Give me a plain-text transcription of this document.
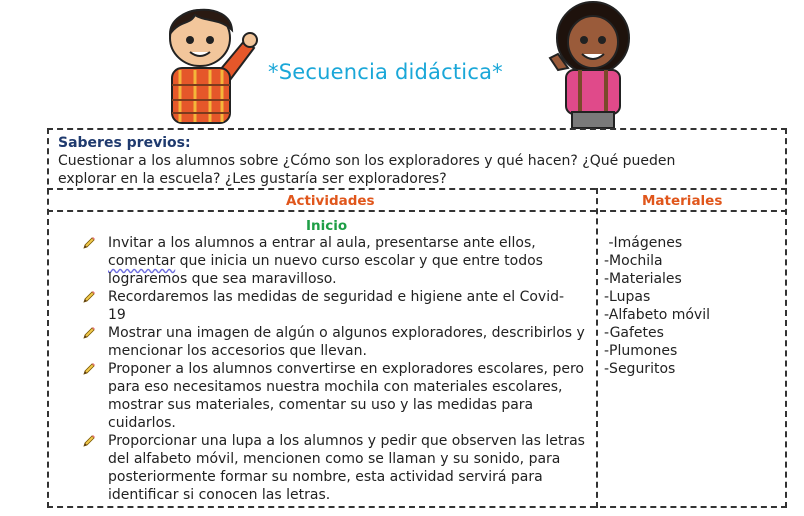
*Secuencia didáctica*
Saberes previos:
Cuestionar a los alumnos sobre ¿Cómo son los exploradores y qué hacen? ¿Qué pueden
explorar en la escuela? ¿Les gustaría ser exploradores?
Actividades	Materiales
Inicio
Invitar a los alumnos a entrar al aula, presentarse ante ellos,
comentar que inicia un nuevo curso escolar y que entre todos
lograremos que sea maravilloso.
Recordaremos las medidas de seguridad e higiene ante el Covid-
19
Mostrar una imagen de algún o algunos exploradores, describirlos y
mencionar los accesorios que llevan.
Proponer a los alumnos convertirse en exploradores escolares, pero
para eso necesitamos nuestra mochila con materiales escolares,
mostrar sus materiales, comentar su uso y las medidas para
cuidarlos.
Proporcionar una lupa a los alumnos y pedir que observen las letras
del alfabeto móvil, mencionen como se llaman y su sonido, para
posteriormente formar su nombre, esta actividad servirá para
identificar si conocen las letras.
-Imágenes
-Mochila
-Materiales
-Lupas
-Alfabeto móvil
-Gafetes
-Plumones
-Seguritos
